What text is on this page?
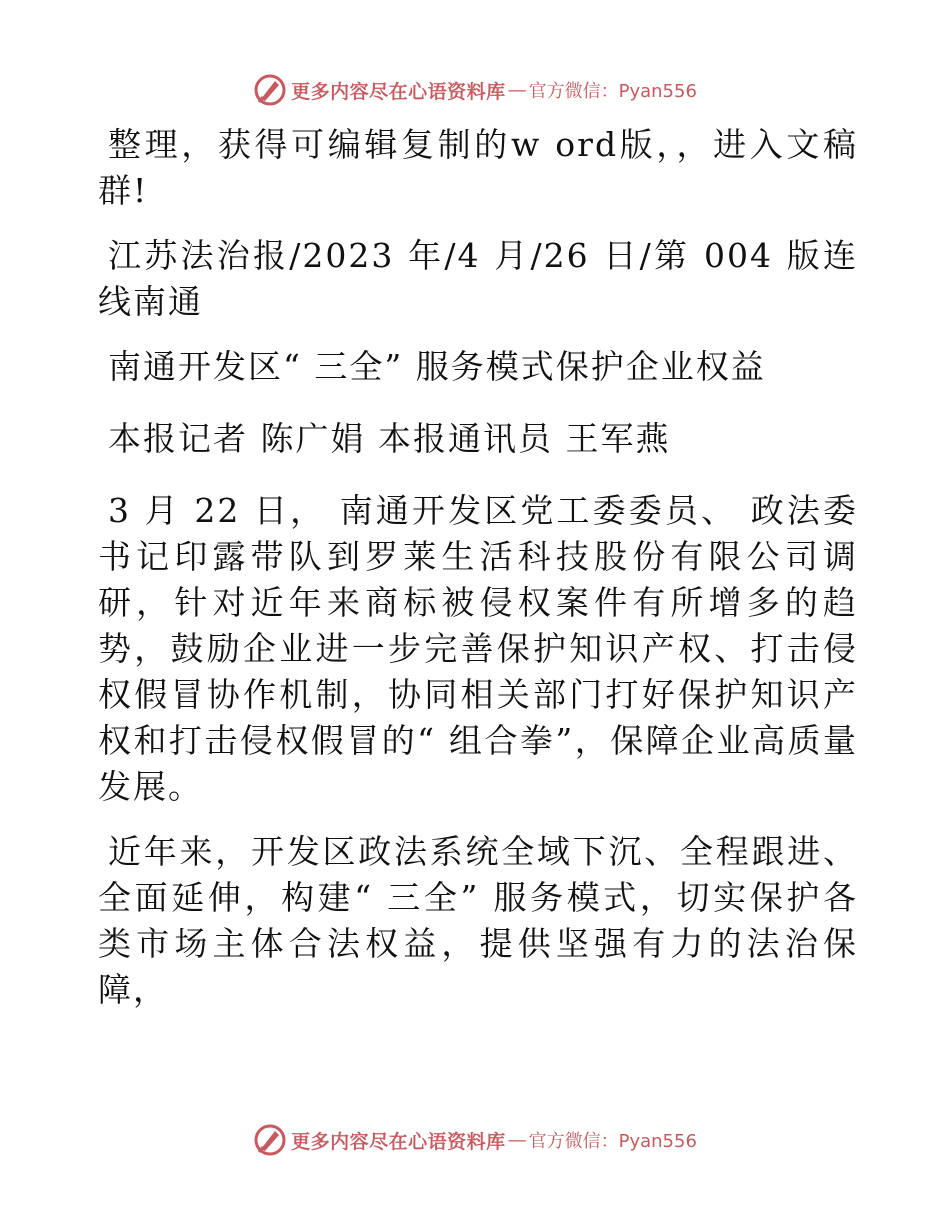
更多内容尽在心语资料库 — 官方微信：Pyan556

整理，获得可编辑复制的w ord版，，进入文稿群!

江苏法治报/2023 年/4 月/26 日/第 004 版连线南通

南通开发区“ 三全” 服务模式保护企业权益

本报记者 陈广娟 本报通讯员 王军燕

3 月 22 日， 南通开发区党工委委员、 政法委书记印露带队到罗莱生活科技股份有限公司调研，针对近年来商标被侵权案件有所增多的趋势，鼓励企业进一步完善保护知识产权、打击侵权假冒协作机制，协同相关部门打好保护知识产权和打击侵权假冒的“ 组合拳”，保障企业高质量发展。

近年来，开发区政法系统全域下沉、全程跟进、全面延伸，构建“ 三全” 服务模式，切实保护各类市场主体合法权益，提供坚强有力的法治保障，

更多内容尽在心语资料库 — 官方微信：Pyan556
